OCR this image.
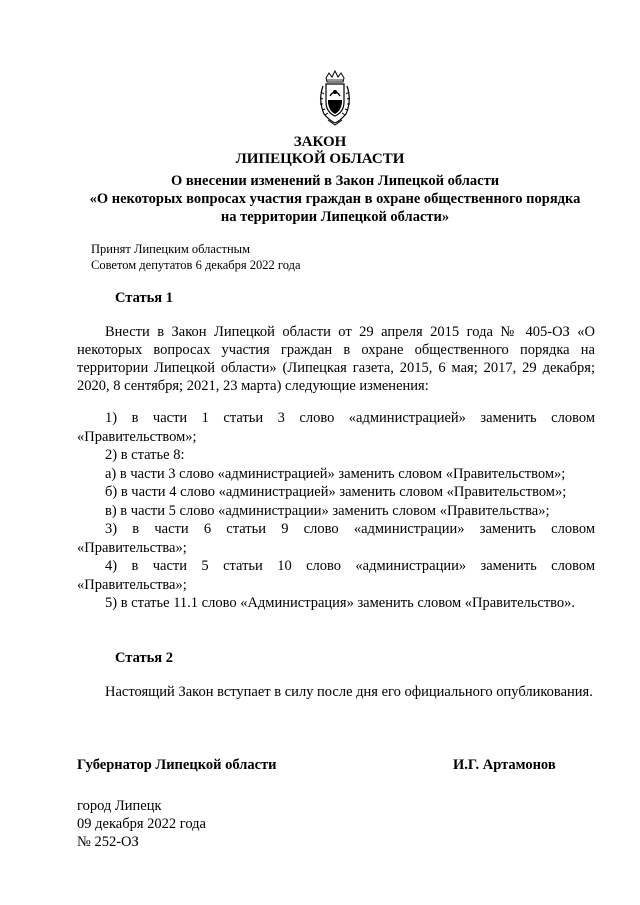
ЗАКОН
ЛИПЕЦКОЙ ОБЛАСТИ
О внесении изменений в Закон Липецкой области
«О некоторых вопросах участия граждан в охране общественного порядка
на территории Липецкой области»
Принят Липецким областным
Советом депутатов 6 декабря 2022 года
Статья 1
Внести в Закон Липецкой области от 29 апреля 2015 года № 405-ОЗ «О некоторых вопросах участия граждан в охране общественного порядка на территории Липецкой области» (Липецкая газета, 2015, 6 мая; 2017, 29 декабря; 2020, 8 сентября; 2021, 23 марта) следующие изменения:
1) в части 1 статьи 3 слово «администрацией» заменить словом «Правительством»;
2) в статье 8:
а) в части 3 слово «администрацией» заменить словом «Правительством»;
б) в части 4 слово «администрацией» заменить словом «Правительством»;
в) в части 5 слово «администрации» заменить словом «Правительства»;
3) в части 6 статьи 9 слово «администрации» заменить словом «Правительства»;
4) в части 5 статьи 10 слово «администрации» заменить словом «Правительства»;
5) в статье 11.1 слово «Администрация» заменить словом «Правительство».
Статья 2
Настоящий Закон вступает в силу после дня его официального опубликования.
Губернатор Липецкой области	И.Г. Артамонов
город Липецк
09 декабря 2022 года
№ 252-ОЗ
